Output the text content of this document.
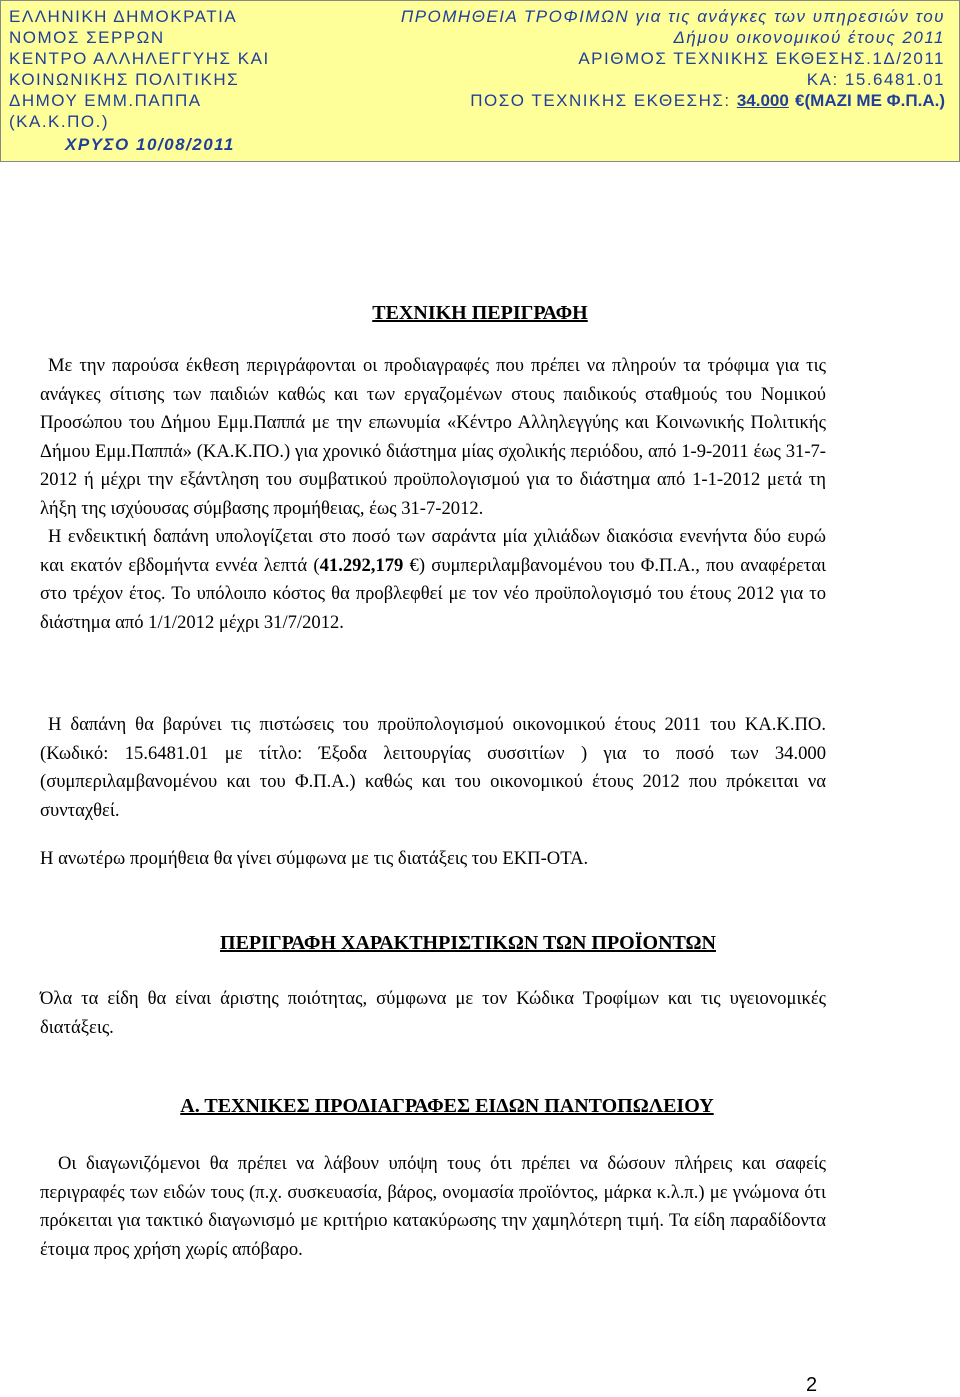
ΕΛΛΗΝΙΚΗ ΔΗΜΟΚΡΑΤΙΑ
ΝΟΜΟΣ ΣΕΡΡΩΝ
ΚΕΝΤΡΟ ΑΛΛΗΛΕΓΓΥΗΣ ΚΑΙ
ΚΟΙΝΩΝΙΚΗΣ ΠΟΛΙΤΙΚΗΣ
ΔΗΜΟΥ ΕΜΜ.ΠΑΠΠΑ
(ΚΑ.Κ.ΠΟ.)
ΧΡΥΣΟ 10/08/2011
ΠΡΟΜΗΘΕΙΑ ΤΡΟΦΙΜΩΝ για τις ανάγκες των υπηρεσιών του
Δήμου οικονομικού έτους 2011
ΑΡΙΘΜΟΣ ΤΕΧΝΙΚΗΣ ΕΚΘΕΣΗΣ.1Δ/2011
ΚΑ: 15.6481.01
ΠΟΣΟ ΤΕΧΝΙΚΗΣ ΕΚΘΕΣΗΣ: 34.000 €(ΜΑΖΙ ΜΕ Φ.Π.Α.)
ΤΕΧΝΙΚΗ ΠΕΡΙΓΡΑΦΗ

Με την παρούσα έκθεση περιγράφονται οι προδιαγραφές που πρέπει να πληρούν τα τρόφιμα για τις ανάγκες σίτισης των παιδιών καθώς και των εργαζομένων στους παιδικούς σταθμούς του Νομικού Προσώπου του Δήμου Εμμ.Παππά με την επωνυμία «Κέντρο Αλληλεγγύης και Κοινωνικής Πολιτικής Δήμου Εμμ.Παππά» (ΚΑ.Κ.ΠΟ.) για χρονικό διάστημα μίας σχολικής περιόδου, από 1-9-2011 έως 31-7-2012 ή μέχρι την εξάντληση του συμβατικού προϋπολογισμού για το διάστημα από 1-1-2012 μετά τη λήξη της ισχύουσας σύμβασης προμήθειας, έως 31-7-2012.

Η ενδεικτική δαπάνη υπολογίζεται στο ποσό των σαράντα μία χιλιάδων διακόσια ενενήντα δύο ευρώ και εκατόν εβδομήντα εννέα λεπτά (41.292,179 €) συμπεριλαμβανομένου του Φ.Π.Α., που αναφέρεται στο τρέχον έτος. Το υπόλοιπο κόστος θα προβλεφθεί με τον νέο προϋπολογισμό του έτους 2012 για το διάστημα από 1/1/2012 μέχρι 31/7/2012.

Η δαπάνη θα βαρύνει τις πιστώσεις του προϋπολογισμού οικονομικού έτους 2011 του ΚΑ.Κ.ΠΟ. (Κωδικό: 15.6481.01 με τίτλο: Έξοδα λειτουργίας συσσιτίων ) για το ποσό των 34.000 (συμπεριλαμβανομένου και του Φ.Π.Α.) καθώς και του οικονομικού έτους 2012 που πρόκειται να συνταχθεί.

Η ανωτέρω προμήθεια θα γίνει σύμφωνα με τις διατάξεις του ΕΚΠ-ΟΤΑ.

ΠΕΡΙΓΡΑΦΗ ΧΑΡΑΚΤΗΡΙΣΤΙΚΩΝ ΤΩΝ ΠΡΟΪΟΝΤΩΝ

Όλα τα είδη θα είναι άριστης ποιότητας, σύμφωνα με τον Κώδικα Τροφίμων και τις υγειονομικές διατάξεις.

Α. ΤΕΧΝΙΚΕΣ ΠΡΟΔΙΑΓΡΑΦΕΣ ΕΙΔΩΝ ΠΑΝΤΟΠΩΛΕΙΟΥ

Οι διαγωνιζόμενοι θα πρέπει να λάβουν υπόψη τους ότι πρέπει να δώσουν πλήρεις και σαφείς περιγραφές των ειδών τους (π.χ. συσκευασία, βάρος, ονομασία προϊόντος, μάρκα κ.λ.π.) με γνώμονα ότι πρόκειται για τακτικό διαγωνισμό με κριτήριο κατακύρωσης την χαμηλότερη τιμή. Τα είδη παραδίδοντα έτοιμα προς χρήση χωρίς απόβαρο.

2
